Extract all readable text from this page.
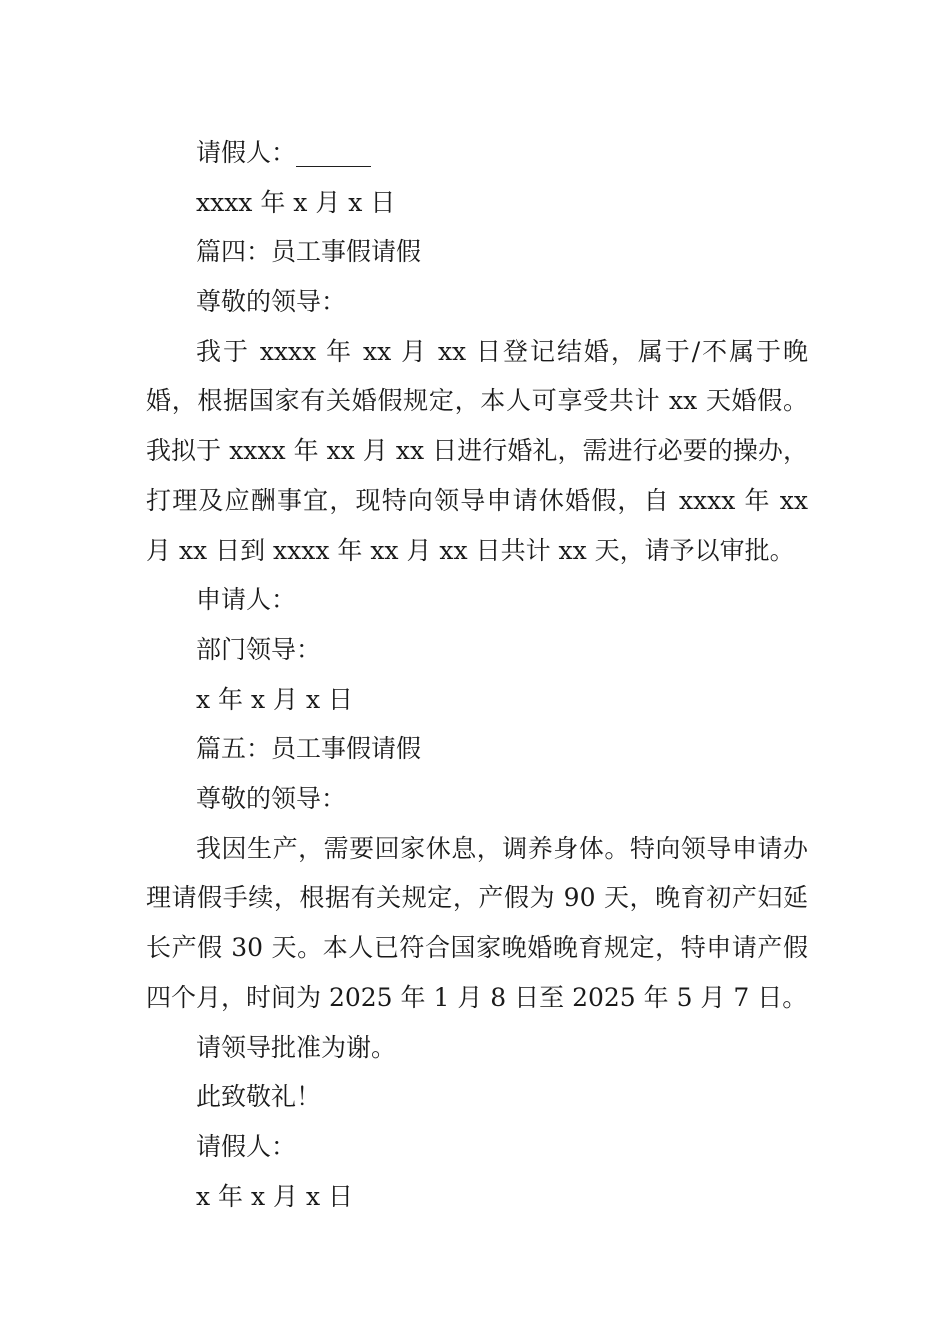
请假人：______
xxxx 年 x 月 x 日
篇四：员工事假请假
尊敬的领导：
我于 xxxx 年 xx 月 xx 日登记结婚，属于/不属于晚婚，根据国家有关婚假规定，本人可享受共计 xx 天婚假。我拟于 xxxx 年 xx 月 xx 日进行婚礼，需进行必要的操办，打理及应酬事宜，现特向领导申请休婚假，自 xxxx 年 xx 月 xx 日到 xxxx 年 xx 月 xx 日共计 xx 天，请予以审批。
申请人：
部门领导：
x 年 x 月 x 日
篇五：员工事假请假
尊敬的领导：
我因生产，需要回家休息，调养身体。特向领导申请办理请假手续，根据有关规定，产假为 90 天，晚育初产妇延长产假 30 天。本人已符合国家晚婚晚育规定，特申请产假四个月，时间为 2025 年 1 月 8 日至 2025 年 5 月 7 日。
请领导批准为谢。
此致敬礼！
请假人：
x 年 x 月 x 日
